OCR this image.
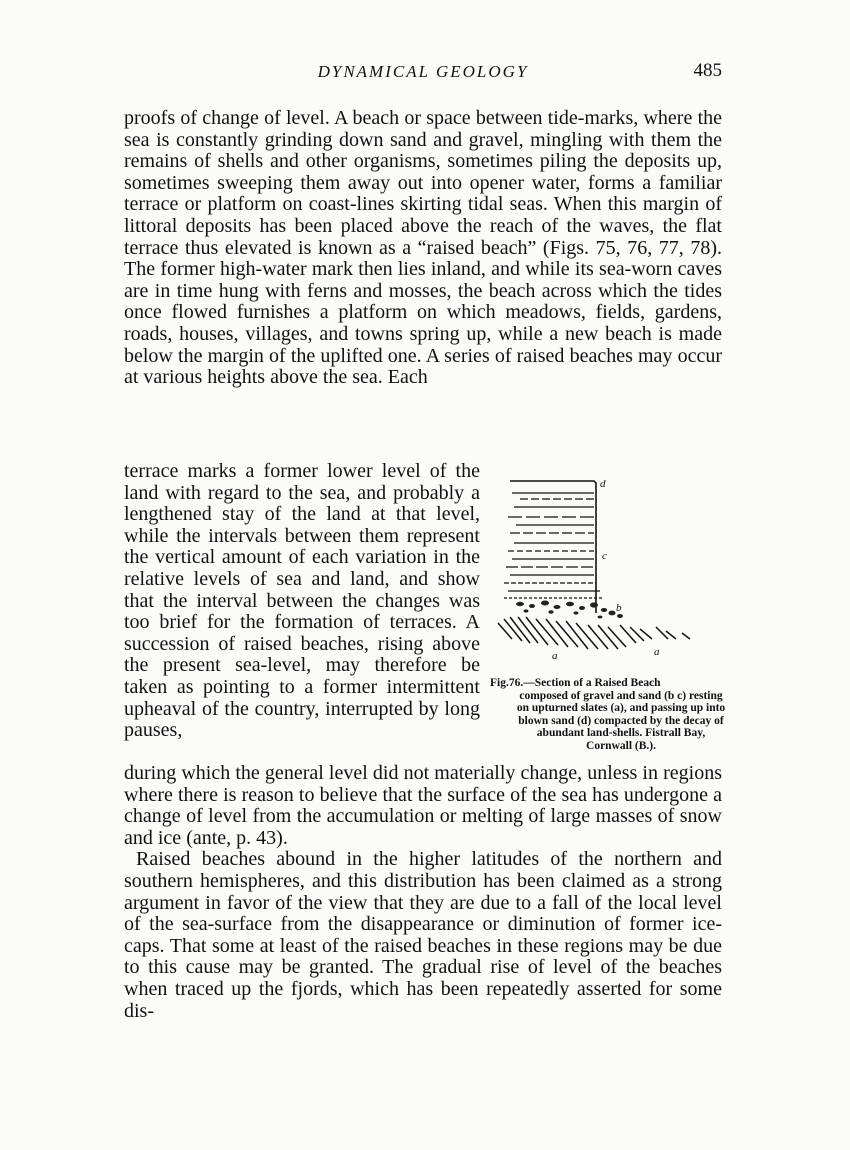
DYNAMICAL GEOLOGY	485

proofs of change of level. A beach or space between tide-marks, where the sea is constantly grinding down sand and gravel, mingling with them the remains of shells and other organisms, sometimes piling the deposits up, sometimes sweeping them away out into opener water, forms a familiar terrace or platform on coast-lines skirting tidal seas. When this margin of littoral deposits has been placed above the reach of the waves, the flat terrace thus elevated is known as a “raised beach” (Figs. 75, 76, 77, 78). The former high-water mark then lies inland, and while its sea-worn caves are in time hung with ferns and mosses, the beach across which the tides once flowed furnishes a platform on which meadows, fields, gardens, roads, houses, villages, and towns spring up, while a new beach is made below the margin of the uplifted one. A series of raised beaches may occur at various heights above the sea. Each

terrace marks a former lower level of the land with regard to the sea, and probably a lengthened stay of the land at that level, while the intervals between them represent the vertical amount of each variation in the relative levels of sea and land, and show that the interval between the changes was too brief for the formation of terraces. A succession of raised beaches, rising above the present sea-level, may therefore be taken as pointing to a former intermittent upheaval of the country, interrupted by long pauses,

d
c
b
a	a
Fig.76.—Section of a Raised Beach
composed of gravel and sand (b c) resting on upturned slates (a), and passing up into blown sand (d) compacted by the decay of abundant land-shells. Fistrall Bay, Cornwall (B.).

during which the general level did not materially change, unless in regions where there is reason to believe that the surface of the sea has undergone a change of level from the accumulation or melting of large masses of snow and ice (ante, p. 43).

Raised beaches abound in the higher latitudes of the northern and southern hemispheres, and this distribution has been claimed as a strong argument in favor of the view that they are due to a fall of the local level of the sea-surface from the disappearance or diminution of former ice-caps. That some at least of the raised beaches in these regions may be due to this cause may be granted. The gradual rise of level of the beaches when traced up the fjords, which has been repeatedly asserted for some dis-
